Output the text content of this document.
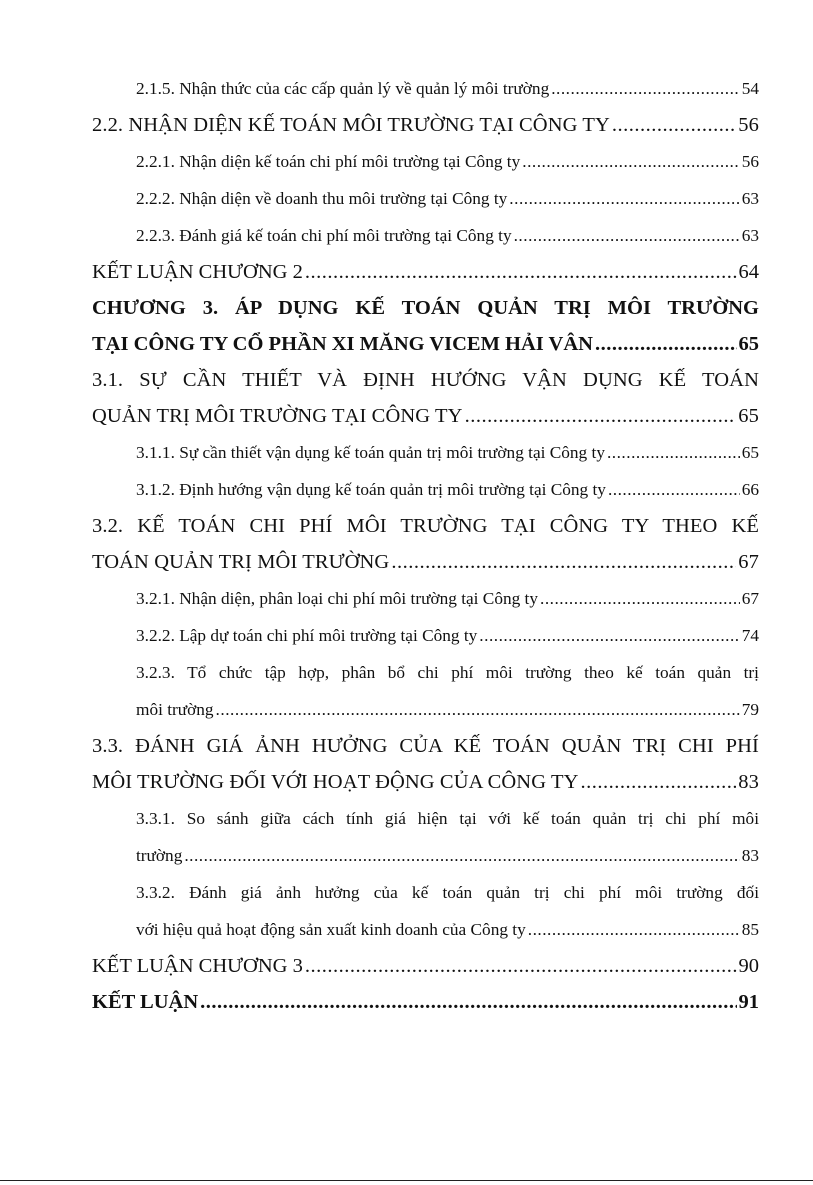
2.1.5. Nhận thức của các cấp quản lý về quản lý môi trường .....	54
2.2. NHẬN DIỆN KẾ TOÁN MÔI TRƯỜNG TẠI CÔNG TY .....	56
2.2.1. Nhận diện kế toán chi phí môi trường tại Công ty .....	56
2.2.2. Nhận diện về doanh thu môi trường tại Công ty .....	63
2.2.3. Đánh giá kế toán chi phí môi trường tại Công ty .....	63
KẾT LUẬN CHƯƠNG 2 .....	64
CHƯƠNG 3. ÁP DỤNG KẾ TOÁN QUẢN TRỊ MÔI TRƯỜNG
TẠI CÔNG TY CỔ PHẦN XI MĂNG VICEM HẢI VÂN .....	65
3.1. SỰ CẦN THIẾT VÀ ĐỊNH HƯỚNG VẬN DỤNG KẾ TOÁN
QUẢN TRỊ MÔI TRƯỜNG TẠI CÔNG TY .....	65
3.1.1. Sự cần thiết vận dụng kế toán quản trị môi trường tại Công ty .....	65
3.1.2. Định hướng vận dụng kế toán quản trị môi trường tại Công ty .....	66
3.2. KẾ TOÁN CHI PHÍ MÔI TRƯỜNG TẠI CÔNG TY THEO KẾ
TOÁN QUẢN TRỊ MÔI TRƯỜNG .....	67
3.2.1. Nhận diện, phân loại chi phí môi trường tại Công ty .....	67
3.2.2. Lập dự toán chi phí môi trường tại Công ty .....	74
3.2.3. Tổ chức tập hợp, phân bổ chi phí môi trường theo kế toán quản trị
môi trường .....	79
3.3. ĐÁNH GIÁ ẢNH HƯỞNG CỦA KẾ TOÁN QUẢN TRỊ CHI PHÍ
MÔI TRƯỜNG ĐỐI VỚI HOẠT ĐỘNG CỦA CÔNG TY .....	83
3.3.1. So sánh giữa cách tính giá hiện tại với kế toán quản trị chi phí môi
trường .....	83
3.3.2. Đánh giá ảnh hưởng của kế toán quản trị chi phí môi trường đối
với hiệu quả hoạt động sản xuất kinh doanh của Công ty .....	85
KẾT LUẬN CHƯƠNG 3 .....	90
KẾT LUẬN .....	91
